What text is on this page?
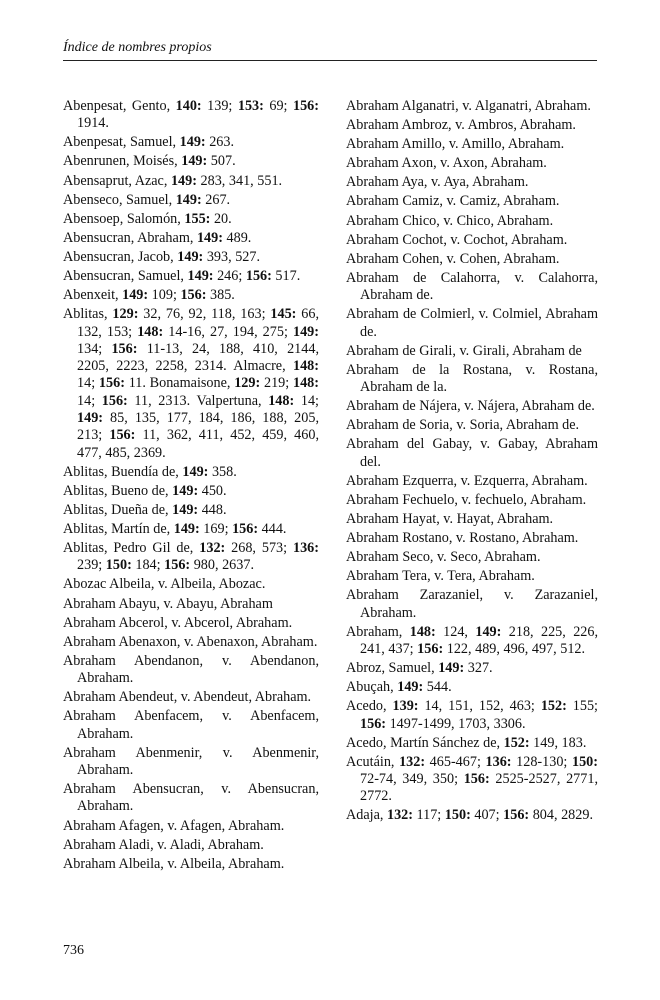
Índice de nombres propios

Abenpesat, Gento, 140: 139; 153: 69; 156: 1914.

Abenpesat, Samuel, 149: 263.

Abenrunen, Moisés, 149: 507.

Abensaprut, Azac, 149: 283, 341, 551.

Abenseco, Samuel, 149: 267.

Abensoep, Salomón, 155: 20.

Abensucran, Abraham, 149: 489.

Abensucran, Jacob, 149: 393, 527.

Abensucran, Samuel, 149: 246; 156: 517.

Abenxeit, 149: 109; 156: 385.

Ablitas, 129: 32, 76, 92, 118, 163; 145: 66, 132, 153; 148: 14-16, 27, 194, 275; 149: 134; 156: 11-13, 24, 188, 410, 2144, 2205, 2223, 2258, 2314. Almacre, 148: 14; 156: 11. Bonamaisone, 129: 219; 148: 14; 156: 11, 2313. Valpertuna, 148: 14; 149: 85, 135, 177, 184, 186, 188, 205, 213; 156: 11, 362, 411, 452, 459, 460, 477, 485, 2369.

Ablitas, Buendía de, 149: 358.

Ablitas, Bueno de, 149: 450.

Ablitas, Dueña de, 149: 448.

Ablitas, Martín de, 149: 169; 156: 444.

Ablitas, Pedro Gil de, 132: 268, 573; 136: 239; 150: 184; 156: 980, 2637.

Abozac Albeila, v. Albeila, Abozac.

Abraham Abayu, v. Abayu, Abraham

Abraham Abcerol, v. Abcerol, Abraham.

Abraham Abenaxon, v. Abenaxon, Abraham.

Abraham Abendanon, v. Abendanon, Abraham.

Abraham Abendeut, v. Abendeut, Abraham.

Abraham Abenfacem, v. Abenfacem, Abraham.

Abraham Abenmenir, v. Abenmenir, Abraham.

Abraham Abensucran, v. Abensucran, Abraham.

Abraham Afagen, v. Afagen, Abraham.

Abraham Aladi, v. Aladi, Abraham.

Abraham Albeila, v. Albeila, Abraham.

Abraham Alganatri, v. Alganatri, Abraham.

Abraham Ambroz, v. Ambros, Abraham.

Abraham Amillo, v. Amillo, Abraham.

Abraham Axon, v. Axon, Abraham.

Abraham Aya, v. Aya, Abraham.

Abraham Camiz, v. Camiz, Abraham.

Abraham Chico, v. Chico, Abraham.

Abraham Cochot, v. Cochot, Abraham.

Abraham Cohen, v. Cohen, Abraham.

Abraham de Calahorra, v. Calahorra, Abraham de.

Abraham de Colmierl, v. Colmiel, Abraham de.

Abraham de Girali, v. Girali, Abraham de

Abraham de la Rostana, v. Rostana, Abraham de la.

Abraham de Nájera, v. Nájera, Abraham de.

Abraham de Soria, v. Soria, Abraham de.

Abraham del Gabay, v. Gabay, Abraham del.

Abraham Ezquerra, v. Ezquerra, Abraham.

Abraham Fechuelo, v. fechuelo, Abraham.

Abraham Hayat, v. Hayat, Abraham.

Abraham Rostano, v. Rostano, Abraham.

Abraham Seco, v. Seco, Abraham.

Abraham Tera, v. Tera, Abraham.

Abraham Zarazaniel, v. Zarazaniel, Abraham.

Abraham, 148: 124, 149: 218, 225, 226, 241, 437; 156: 122, 489, 496, 497, 512.

Abroz, Samuel, 149: 327.

Abuçah, 149: 544.

Acedo, 139: 14, 151, 152, 463; 152: 155; 156: 1497-1499, 1703, 3306.

Acedo, Martín Sánchez de, 152: 149, 183.

Acutáin, 132: 465-467; 136: 128-130; 150: 72-74, 349, 350; 156: 2525-2527, 2771, 2772.

Adaja, 132: 117; 150: 407; 156: 804, 2829.

736
